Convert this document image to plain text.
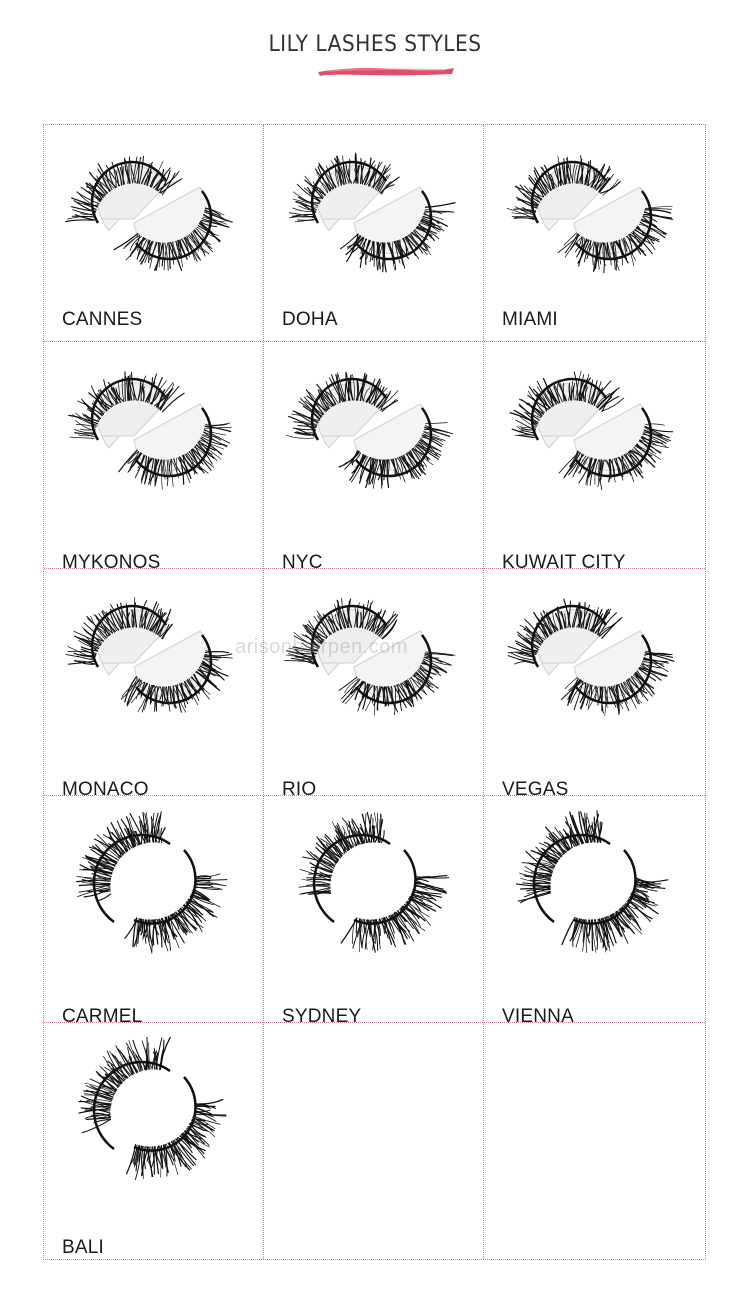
LILY LASHES STYLES
CANNES	DOHA	MIAMI
MYKONOS	NYC	KUWAIT CITY
MONACO	RIO	VEGAS
CARMEL	SYDNEY	VIENNA
BALI
arisonhairpen.com
